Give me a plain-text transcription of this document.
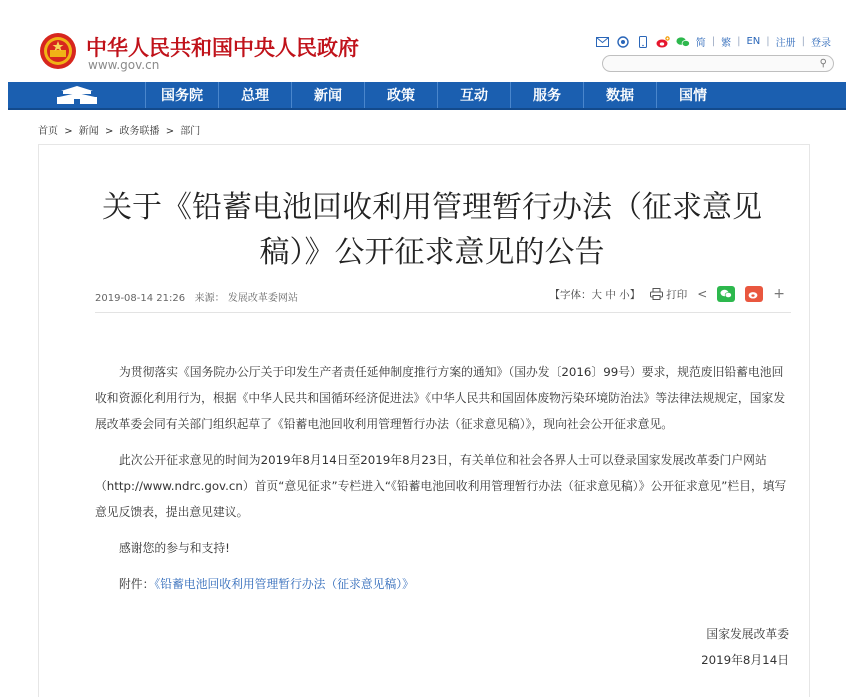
中华人民共和国中央人民政府
www.gov.cn
简 | 繁 | EN | 注册 | 登录
⚲
国务院	总理	新闻	政策	互动	服务	数据	国情
首页 > 新闻 > 政务联播 > 部门
关于《铅蓄电池回收利用管理暂行办法（征求意见稿）》公开征求意见的公告
2019-08-14 21:26 来源： 发展改革委网站	【字体：大 中 小】 打印 <	+

为贯彻落实《国务院办公厅关于印发生产者责任延伸制度推行方案的通知》（国办发〔2016〕99号）要求，规范废旧铅蓄电池回收和资源化利用行为，根据《中华人民共和国循环经济促进法》《中华人民共和国固体废物污染环境防治法》等法律法规规定，国家发展改革委会同有关部门组织起草了《铅蓄电池回收利用管理暂行办法（征求意见稿）》，现向社会公开征求意见。

此次公开征求意见的时间为2019年8月14日至2019年8月23日，有关单位和社会各界人士可以登录国家发展改革委门户网站（http://www.ndrc.gov.cn）首页“意见征求”专栏进入“《铅蓄电池回收利用管理暂行办法（征求意见稿）》公开征求意见”栏目，填写意见反馈表，提出意见建议。

感谢您的参与和支持!

附件：《铅蓄电池回收利用管理暂行办法（征求意见稿）》

国家发展改革委
2019年8月14日
